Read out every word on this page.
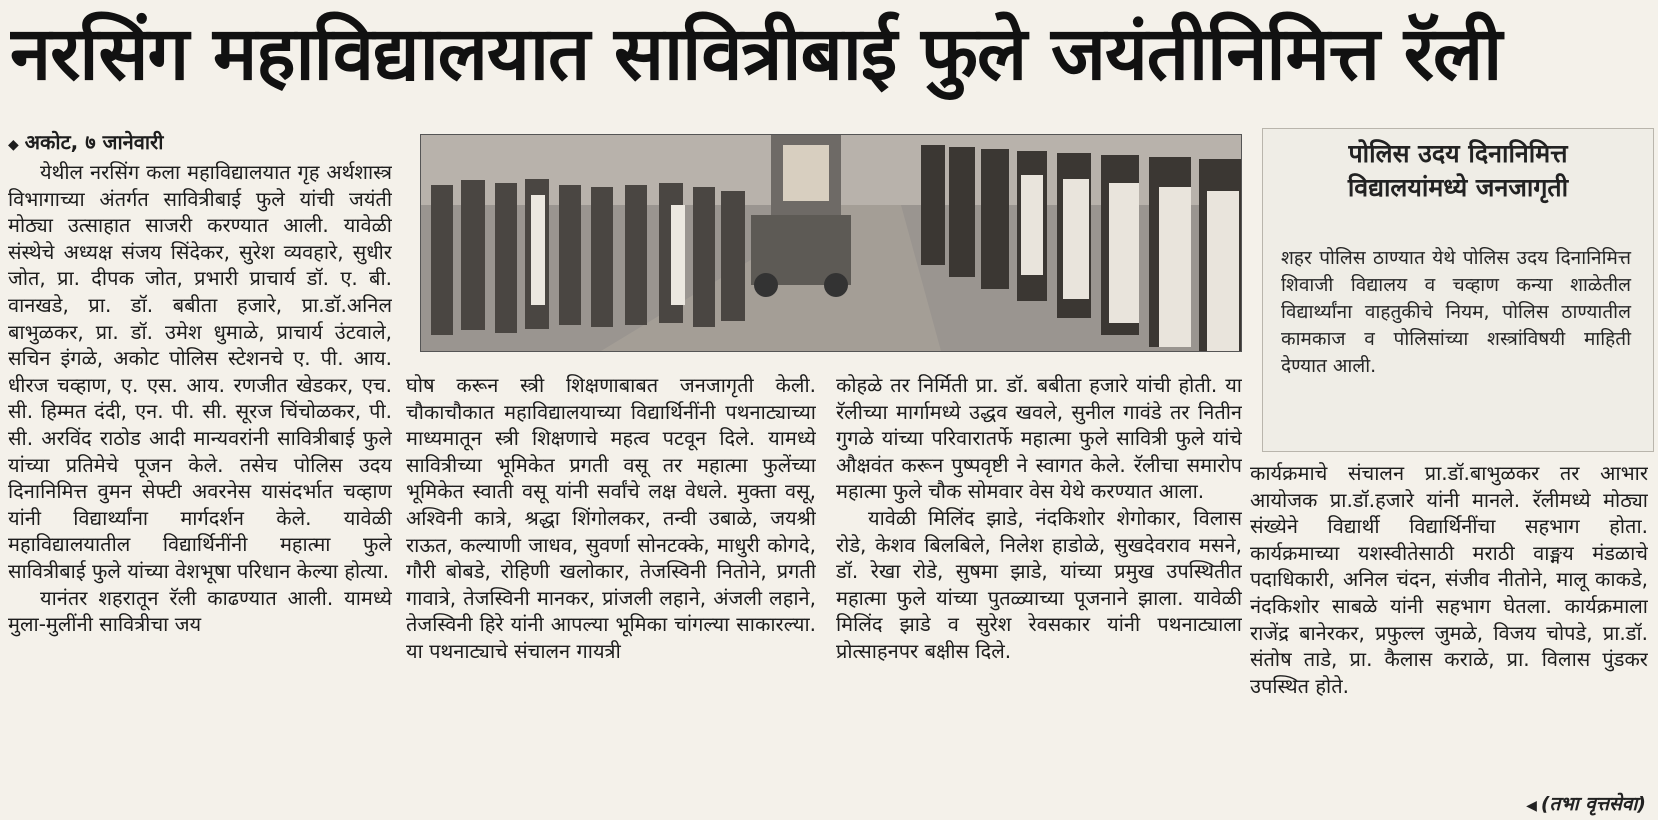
नरसिंग महाविद्यालयात सावित्रीबाई फुले जयंतीनिमित्त रॅली

◆ अकोट, ७ जानेवारी

येथील नरसिंग कला महाविद्यालयात गृह अर्थशास्त्र विभागाच्या अंतर्गत सावित्रीबाई फुले यांची जयंती मोठ्या उत्साहात साजरी करण्यात आली. यावेळी संस्थेचे अध्यक्ष संजय सिंदेकर, सुरेश व्यवहारे, सुधीर जोत, प्रा. दीपक जोत, प्रभारी प्राचार्य डॉ. ए. बी. वानखडे, प्रा. डॉ. बबीता हजारे, प्रा.डॉ.अनिल बाभुळकर, प्रा. डॉ. उमेश धुमाळे, प्राचार्य उंटवाले, सचिन इंगळे, अकोट पोलिस स्टेशनचे ए. पी. आय. धीरज चव्हाण, ए. एस. आय. रणजीत खेडकर, एच. सी. हिम्मत दंदी, एन. पी. सी. सूरज चिंचोळकर, पी. सी. अरविंद राठोड आदी मान्यवरांनी सावित्रीबाई फुले यांच्या प्रतिमेचे पूजन केले. तसेच पोलिस उदय दिनानिमित्त वुमन सेफ्टी अवरनेस यासंदर्भात चव्हाण यांनी विद्यार्थ्यांना मार्गदर्शन केले. यावेळी महाविद्यालयातील विद्यार्थिनींनी महात्मा फुले सावित्रीबाई फुले यांच्या वेशभूषा परिधान केल्या होत्या.

यानंतर शहरातून रॅली काढण्यात आली. यामध्ये मुला-मुलींनी सावित्रीचा जय

घोष करून स्त्री शिक्षणाबाबत जनजागृती केली. चौकाचौकात महाविद्यालयाच्या विद्यार्थिनींनी पथनाट्याच्या माध्यमातून स्त्री शिक्षणाचे महत्व पटवून दिले. यामध्ये सावित्रीच्या भूमिकेत प्रगती वसू तर महात्मा फुलेंच्या भूमिकेत स्वाती वसू यांनी सर्वांचे लक्ष वेधले. मुक्ता वसू, अश्विनी कात्रे, श्रद्धा शिंगोलकर, तन्वी उबाळे, जयश्री राऊत, कल्याणी जाधव, सुवर्णा सोनटक्के, माधुरी कोगदे, गौरी बोबडे, रोहिणी खलोकार, तेजस्विनी नितोने, प्रगती गावात्रे, तेजस्विनी मानकर, प्रांजली लहाने, अंजली लहाने, तेजस्विनी हिरे यांनी आपल्या भूमिका चांगल्या साकारल्या. या पथनाट्याचे संचालन गायत्री

कोहळे तर निर्मिती प्रा. डॉ. बबीता हजारे यांची होती. या रॅलीच्या मार्गामध्ये उद्धव खवले, सुनील गावंडे तर नितीन गुगळे यांच्या परिवारातर्फे महात्मा फुले सावित्री फुले यांचे औक्षवंत करून पुष्पवृष्टी ने स्वागत केले. रॅलीचा समारोप महात्मा फुले चौक सोमवार वेस येथे करण्यात आला.

यावेळी मिलिंद झाडे, नंदकिशोर शेगोकार, विलास रोडे, केशव बिलबिले, निलेश हाडोळे, सुखदेवराव मसने, डॉ. रेखा रोडे, सुषमा झाडे, यांच्या प्रमुख उपस्थितीत महात्मा फुले यांच्या पुतळ्याच्या पूजनाने झाला. यावेळी मिलिंद झाडे व सुरेश रेवसकार यांनी पथनाट्याला प्रोत्साहनपर बक्षीस दिले.

पोलिस उदय दिनानिमित्त
विद्यालयांमध्ये जनजागृती
शहर पोलिस ठाण्यात येथे पोलिस उदय दिनानिमित्त शिवाजी विद्यालय व चव्हाण कन्या शाळेतील विद्यार्थ्यांना वाहतुकीचे नियम, पोलिस ठाण्यातील कामकाज व पोलिसांच्या शस्त्रांविषयी माहिती देण्यात आली.

कार्यक्रमाचे संचालन प्रा.डॉ.बाभुळकर तर आभार आयोजक प्रा.डॉ.हजारे यांनी मानले. रॅलीमध्ये मोठ्या संख्येने विद्यार्थी विद्यार्थिनींचा सहभाग होता. कार्यक्रमाच्या यशस्वीतेसाठी मराठी वाङ्मय मंडळाचे पदाधिकारी, अनिल चंदन, संजीव नीतोने, मालू काकडे, नंदकिशोर साबळे यांनी सहभाग घेतला. कार्यक्रमाला राजेंद्र बानेरकर, प्रफुल्ल जुमळे, विजय चोपडे, प्रा.डॉ. संतोष ताडे, प्रा. कैलास कराळे, प्रा. विलास पुंडकर उपस्थित होते.

◀ (तभा वृत्तसेवा)
